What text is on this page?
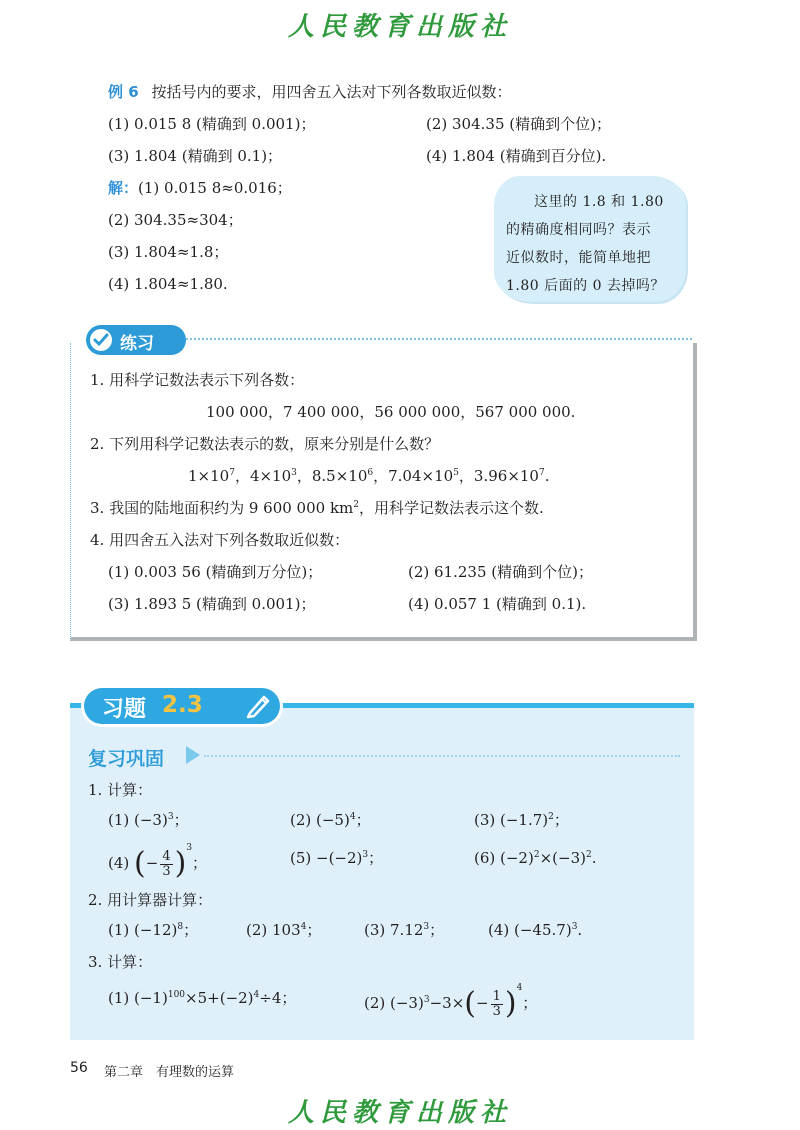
人民教育出版社
例 6 按括号内的要求，用四舍五入法对下列各数取近似数：
(1) 0.015 8 (精确到 0.001)；	(2) 304.35 (精确到个位)；
(3) 1.804 (精确到 0.1)；	(4) 1.804 (精确到百分位).
解：(1) 0.015 8≈0.016；
(2) 304.35≈304；
(3) 1.804≈1.8；
(4) 1.804≈1.80.
这里的 1.8 和 1.80
的精确度相同吗？表示
近似数时，能简单地把
1.80 后面的 0 去掉吗？
练习
1. 用科学记数法表示下列各数：
100 000，7 400 000，56 000 000，567 000 000.
2. 下列用科学记数法表示的数，原来分别是什么数？
$1\times 10^7$，$4\times 10^3$，$8.5\times 10^6$，$7.04\times 10^5$，$3.96\times 10^7$.
3. 我国的陆地面积约为 9 600 000 $km^2$，用科学记数法表示这个数.
4. 用四舍五入法对下列各数取近似数：
(1) 0.003 56 (精确到万分位)；	(2) 61.235 (精确到个位)；
(3) 1.893 5 (精确到 0.001)；	(4) 0.057 1 (精确到 0.1).
习题 2.3
复习巩固
1. 计算：
(1) $(-3)^3$；	(2) $(-5)^4$；	(3) $(-1.7)^2$；
(4) (− $\frac{4}{3} )^3$；	$(5) -(-2)^3$；	(6) $(-2)^2\times(-3)^2$.
2. 用计算器计算：
(1) $(-12)^8$；	(2) $103^4$；	(3) 7.12$^3$；	(4) $(-45.7)^3$.
3. 计算：
(1) $(-1)^{100}\times 5+(-2)^4\div 4$；	(2) $(-3)^3-3\times(- \frac{1}{3} )^4$；
56 第二章　有理数的运算
人民教育出版社
